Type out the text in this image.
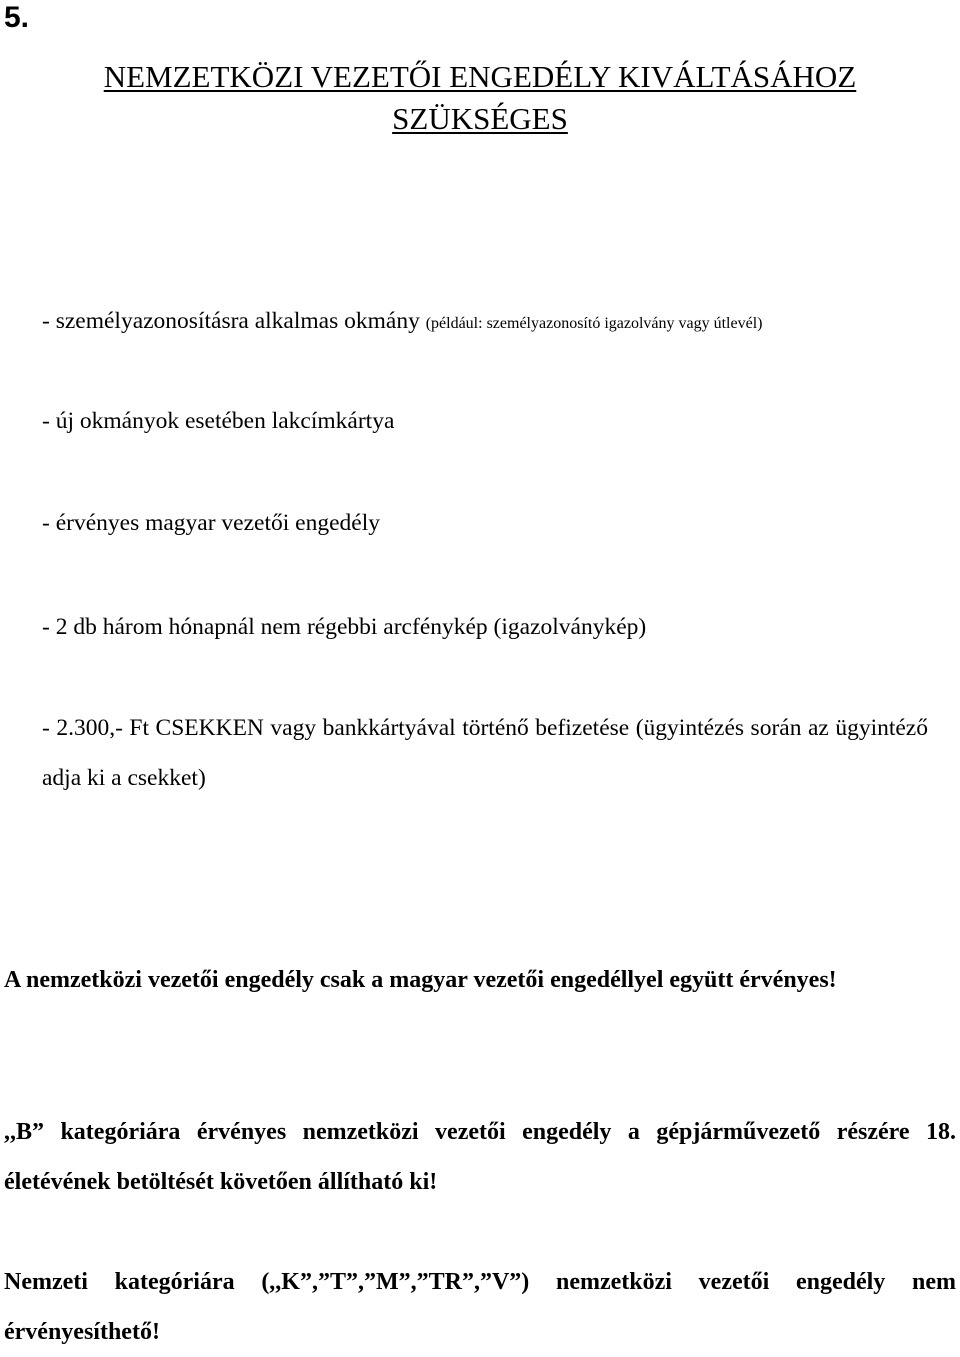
5.
NEMZETKÖZI VEZETŐI ENGEDÉLY KIVÁLTÁSÁHOZ
SZÜKSÉGES
- személyazonosításra alkalmas okmány (például: személyazonosító igazolvány vagy útlevél)
- új okmányok esetében lakcímkártya
- érvényes magyar vezetői engedély
- 2 db három hónapnál nem régebbi arcfénykép (igazolványkép)
- 2.300,- Ft CSEKKEN vagy bankkártyával történő befizetése (ügyintézés során az ügyintéző adja ki a csekket)
A nemzetközi vezetői engedély csak a magyar vezetői engedéllyel együtt érvényes!
,,B” kategóriára érvényes nemzetközi vezetői engedély a gépjárművezető részére 18. életévének betöltését követően állítható ki!
Nemzeti kategóriára (,,K”,”T”,”M”,”TR”,”V”) nemzetközi vezetői engedély nem érvényesíthető!
